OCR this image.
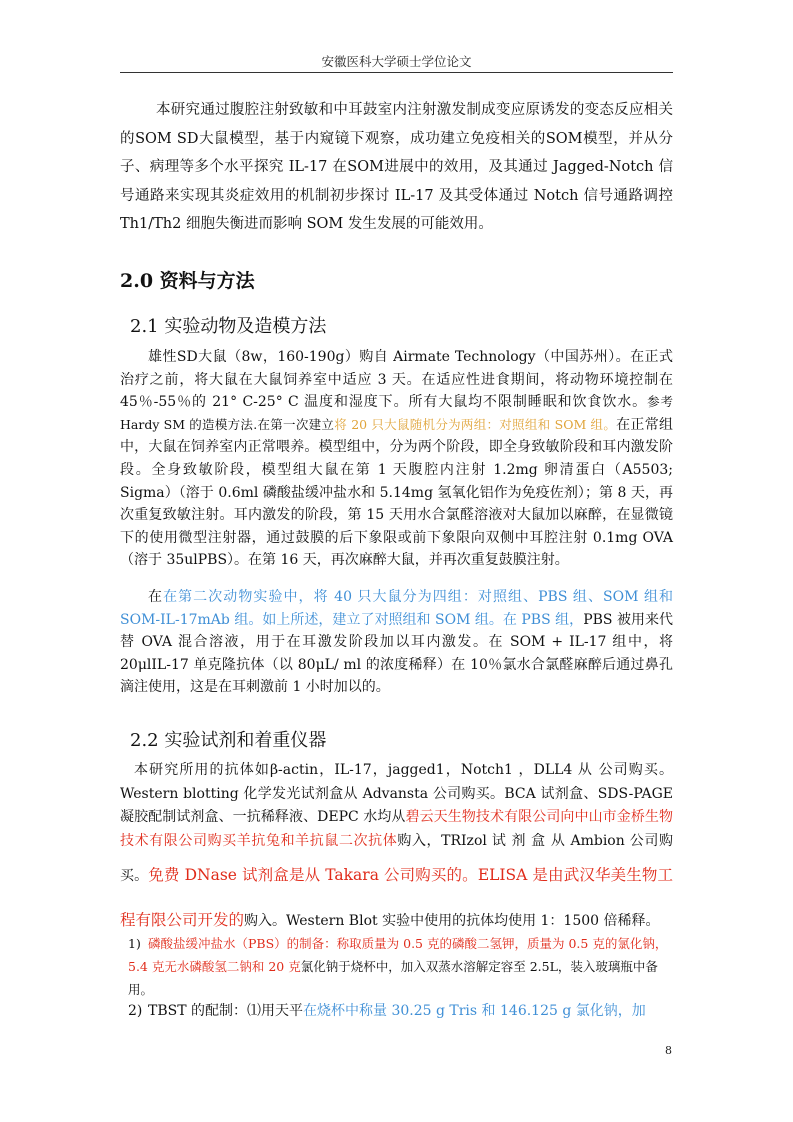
安徽医科大学硕士学位论文

本研究通过腹腔注射致敏和中耳鼓室内注射激发制成变应原诱发的变态反应相关的SOM SD大鼠模型，基于内窥镜下观察，成功建立免疫相关的SOM模型，并从分子、病理等多个水平探究 IL-17 在SOM进展中的效用，及其通过 Jagged-Notch 信号通路来实现其炎症效用的机制初步探讨 IL-17 及其受体通过 Notch 信号通路调控 Th1/Th2 细胞失衡进而影响 SOM 发生发展的可能效用。

2.0 资料与方法
2.1 实验动物及造模方法

雄性SD大鼠（8w，160-190g）购自 Airmate Technology（中国苏州）。在正式治疗之前，将大鼠在大鼠饲养室中适应 3 天。在适应性进食期间，将动物环境控制在 45％-55％的 21° C-25° C 温度和湿度下。所有大鼠均不限制睡眠和饮食饮水。参考 Hardy SM 的造模方法.在第一次建立将 20 只大鼠随机分为两组：对照组和 SOM 组。在正常组中，大鼠在饲养室内正常喂养。模型组中，分为两个阶段，即全身致敏阶段和耳内激发阶段。全身致敏阶段，模型组大鼠在第 1 天腹腔内注射 1.2mg 卵清蛋白（A5503; Sigma）（溶于 0.6ml 磷酸盐缓冲盐水和 5.14mg 氢氧化铝作为免疫佐剂）；第 8 天，再次重复致敏注射。耳内激发的阶段，第 15 天用水合氯醛溶液对大鼠加以麻醉，在显微镜下的使用微型注射器，通过鼓膜的后下象限或前下象限向双侧中耳腔注射 0.1mg OVA（溶于 35ulPBS）。在第 16 天，再次麻醉大鼠，并再次重复鼓膜注射。

在在第二次动物实验中，将 40 只大鼠分为四组：对照组、PBS 组、SOM 组和 SOM-IL-17mAb 组。如上所述，建立了对照组和 SOM 组。在 PBS 组，PBS 被用来代替 OVA 混合溶液，用于在耳激发阶段加以耳内激发。在 SOM + IL-17 组中，将 20μlIL-17 单克隆抗体（以 80μL/ ml 的浓度稀释）在 10％氯水合氯醛麻醉后通过鼻孔滴注使用，这是在耳刺激前 1 小时加以的。

2.2 实验试剂和着重仪器

本研究所用的抗体如β-actin，IL-17，jagged1，Notch1 ，DLL4 从 公司购买。Western blotting 化学发光试剂盒从 Advansta 公司购买。BCA 试剂盒、SDS-PAGE 凝胶配制试剂盒、一抗稀释液、DEPC 水均从碧云天生物技术有限公司向中山市金桥生物技术有限公司购买羊抗兔和羊抗鼠二次抗体购入，TRIzol 试 剂 盒 从 Ambion 公司购买。免费 DNase 试剂盒是从 Takara 公司购买的。ELISA 是由武汉华美生物工程有限公司开发的购入。Western Blot 实验中使用的抗体均使用 1：1500 倍稀释。

1) 磷酸盐缓冲盐水（PBS）的制备：称取质量为 0.5 克的磷酸二氢钾，质量为 0.5 克的氯化钠，5.4 克无水磷酸氢二钠和 20 克氯化钠于烧杯中，加入双蒸水溶解定容至 2.5L，装入玻璃瓶中备用。
2) TBST 的配制：⑴用天平在烧杯中称量 30.25 g Tris 和 146.125 g 氯化钠，加
8
